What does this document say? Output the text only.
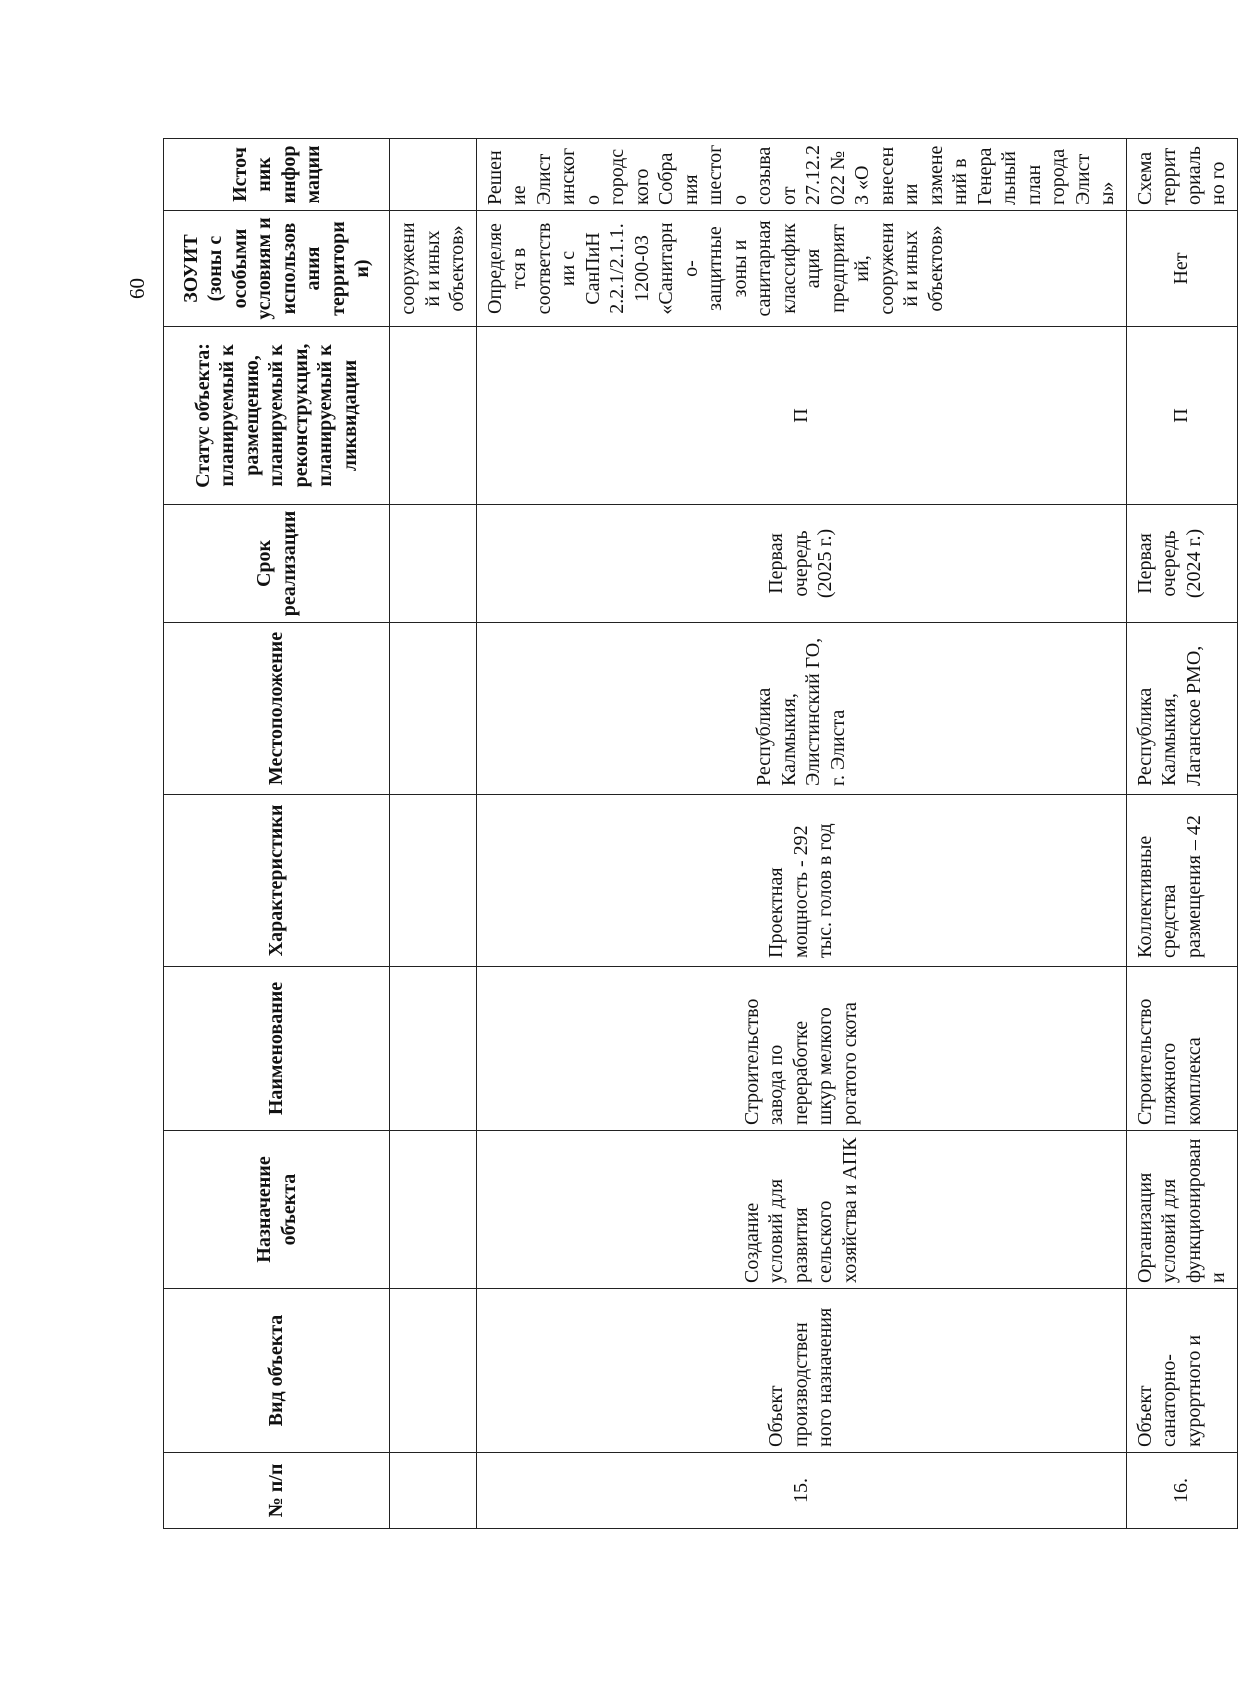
№ п/п	Вид объекта	Назначение объекта	Наименование	Характеристики	Местоположение	Срок реализации	Статус объекта: планируемый к размещению, планируемый к реконструкции, планируемый к ликвидации	ЗОУИТ (зоны с особыми условиям и использов ания территори и)	Источник информации
								сооружени й и иных объектов»	
15.	Объект производствен ного назначения	Создание условий для развития сельского хозяйства и АПК	Строительство завода по переработке шкур мелкого рогатого скота	Проектная мощность - 292 тыс. голов в год	Республика Калмыкия, Элистинский ГО, г. Элиста	Первая очередь (2025 г.)	П	Определяе тся в соответств ии с СанПиН 2.2.1/2.1.1. 1200-03 «Санитарн о- защитные зоны и санитарная классифик ация предприят ий, сооружени й и иных объектов»	Решение Элистинского городского Собрания шестого созыва от 27.12.2022 № 3 «О внесении изменений в Генеральный план города Элисты»
16.	Объект санаторно- курортного и	Организация условий для функционировани	Строительство пляжного комплекса	Коллективные средства размещения – 42	Республика Калмыкия, Лаганское РМО,	Первая очередь (2024 г.)	П	Нет	Схема территориально го
60
